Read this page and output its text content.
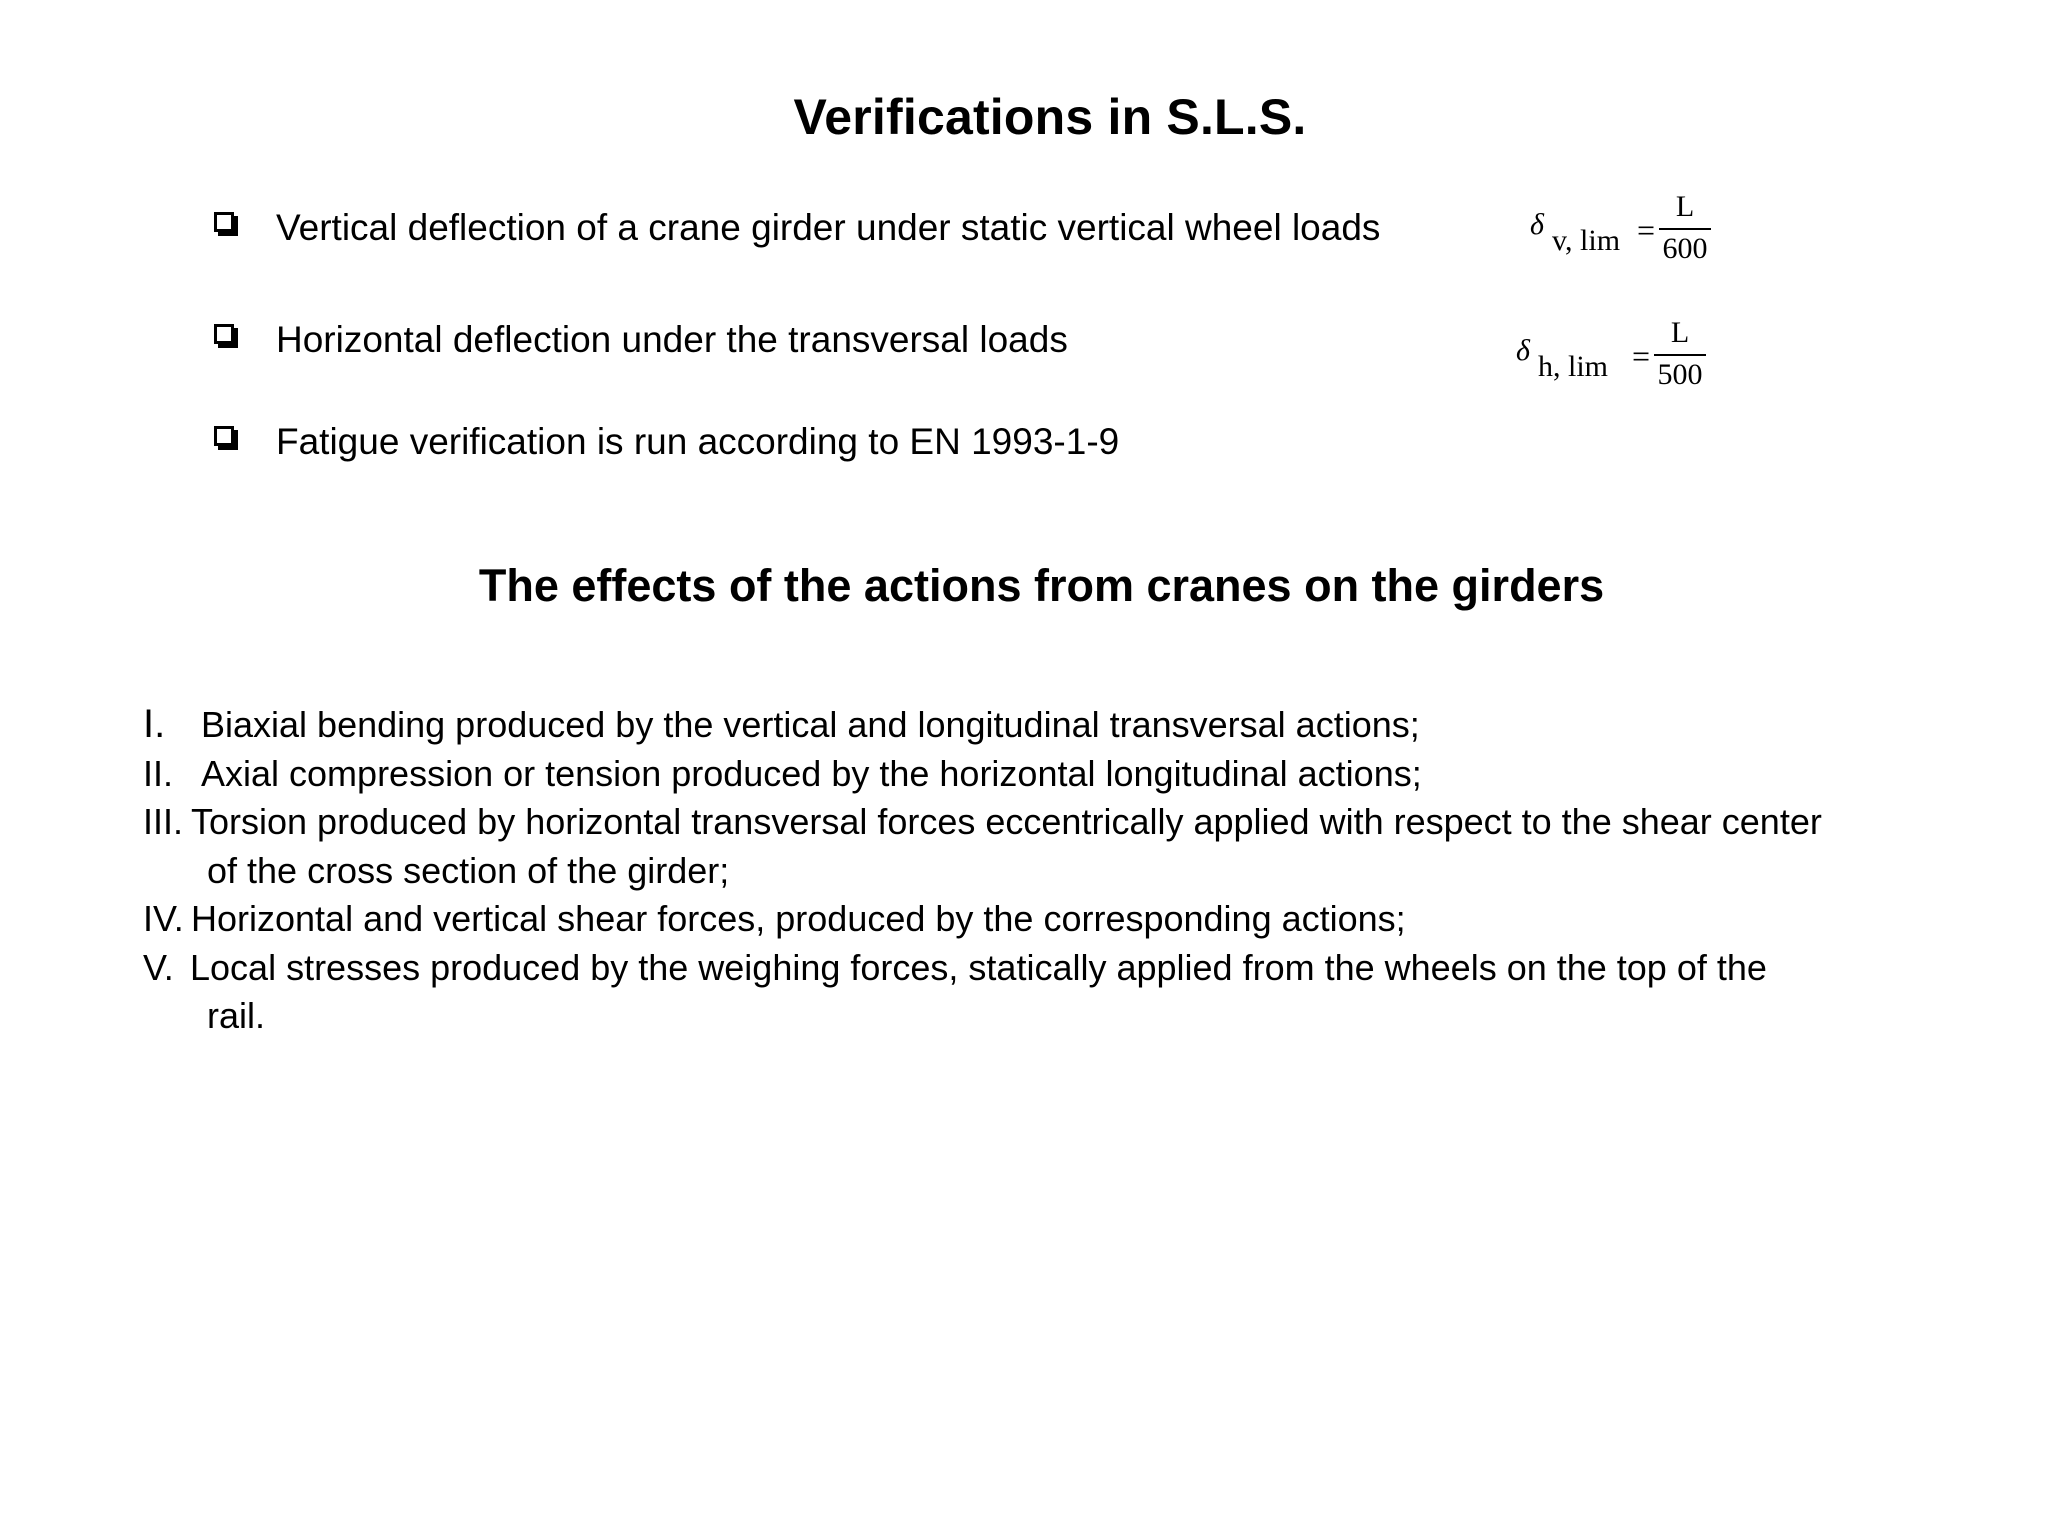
Verifications in S.L.S.
Vertical deflection of a crane girder under static vertical wheel loads
Horizontal deflection under the transversal loads
Fatigue verification is run according to EN 1993-1-9
δ v, lim =
L
600
δ h, lim =
L
500
The effects of the actions from cranes on the girders
I. Biaxial bending produced by the vertical and longitudinal transversal actions;
II. Axial compression or tension produced by the horizontal longitudinal actions;
III. Torsion produced by horizontal transversal forces eccentrically applied with respect to the shear center
of the cross section of the girder;
IV. Horizontal and vertical shear forces, produced by the corresponding actions;
V. Local stresses produced by the weighing forces, statically applied from the wheels on the top of the
rail.
